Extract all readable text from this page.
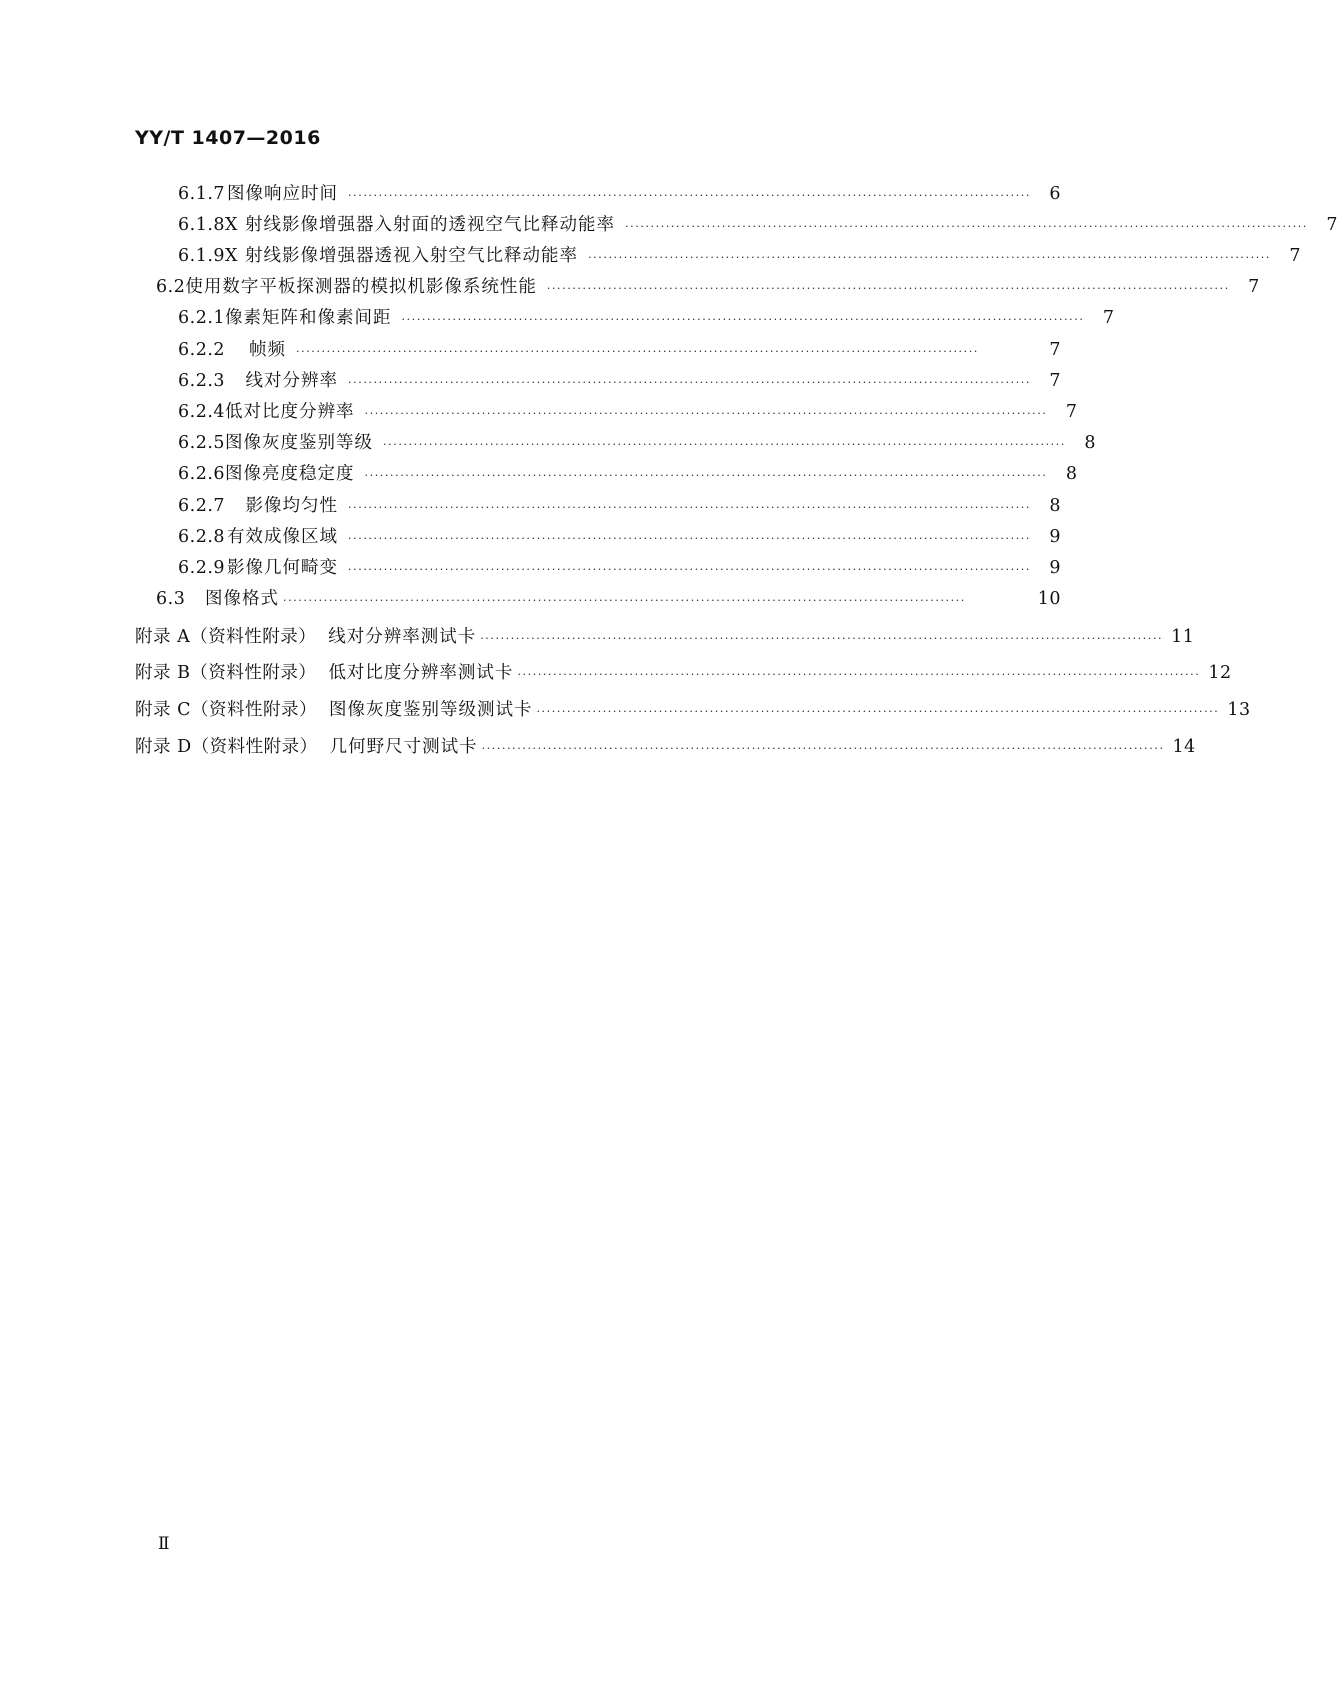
YY/T 1407—2016
6.1.7 图像响应时间 ······································································································································	6
6.1.8 X 射线影像增强器入射面的透视空气比释动能率 ······································································································································	7
6.1.9 X 射线影像增强器透视入射空气比释动能率 ······································································································································	7
6.2 使用数字平板探测器的模拟机影像系统性能 ······································································································································	7
6.2.1 像素矩阵和像素间距 ······································································································································	7
6.2.2	帧频 ······································································································································	7
6.2.3	线对分辨率 ······································································································································	7
6.2.4 低对比度分辨率 ······································································································································	7
6.2.5 图像灰度鉴别等级 ······································································································································	8
6.2.6 图像亮度稳定度 ······································································································································	8
6.2.7	影像均匀性 ······································································································································	8
6.2.8 有效成像区域 ······································································································································	9
6.2.9 影像几何畸变 ······································································································································	9
6.3	图像格式 ······································································································································	10
附录 A（资料性附录） 线对分辨率测试卡 ······································································································································ 11
附录 B（资料性附录） 低对比度分辨率测试卡 ······································································································································ 12
附录 C（资料性附录） 图像灰度鉴别等级测试卡 ······································································································································ 13
附录 D（资料性附录） 几何野尺寸测试卡 ······································································································································ 14
Ⅱ
